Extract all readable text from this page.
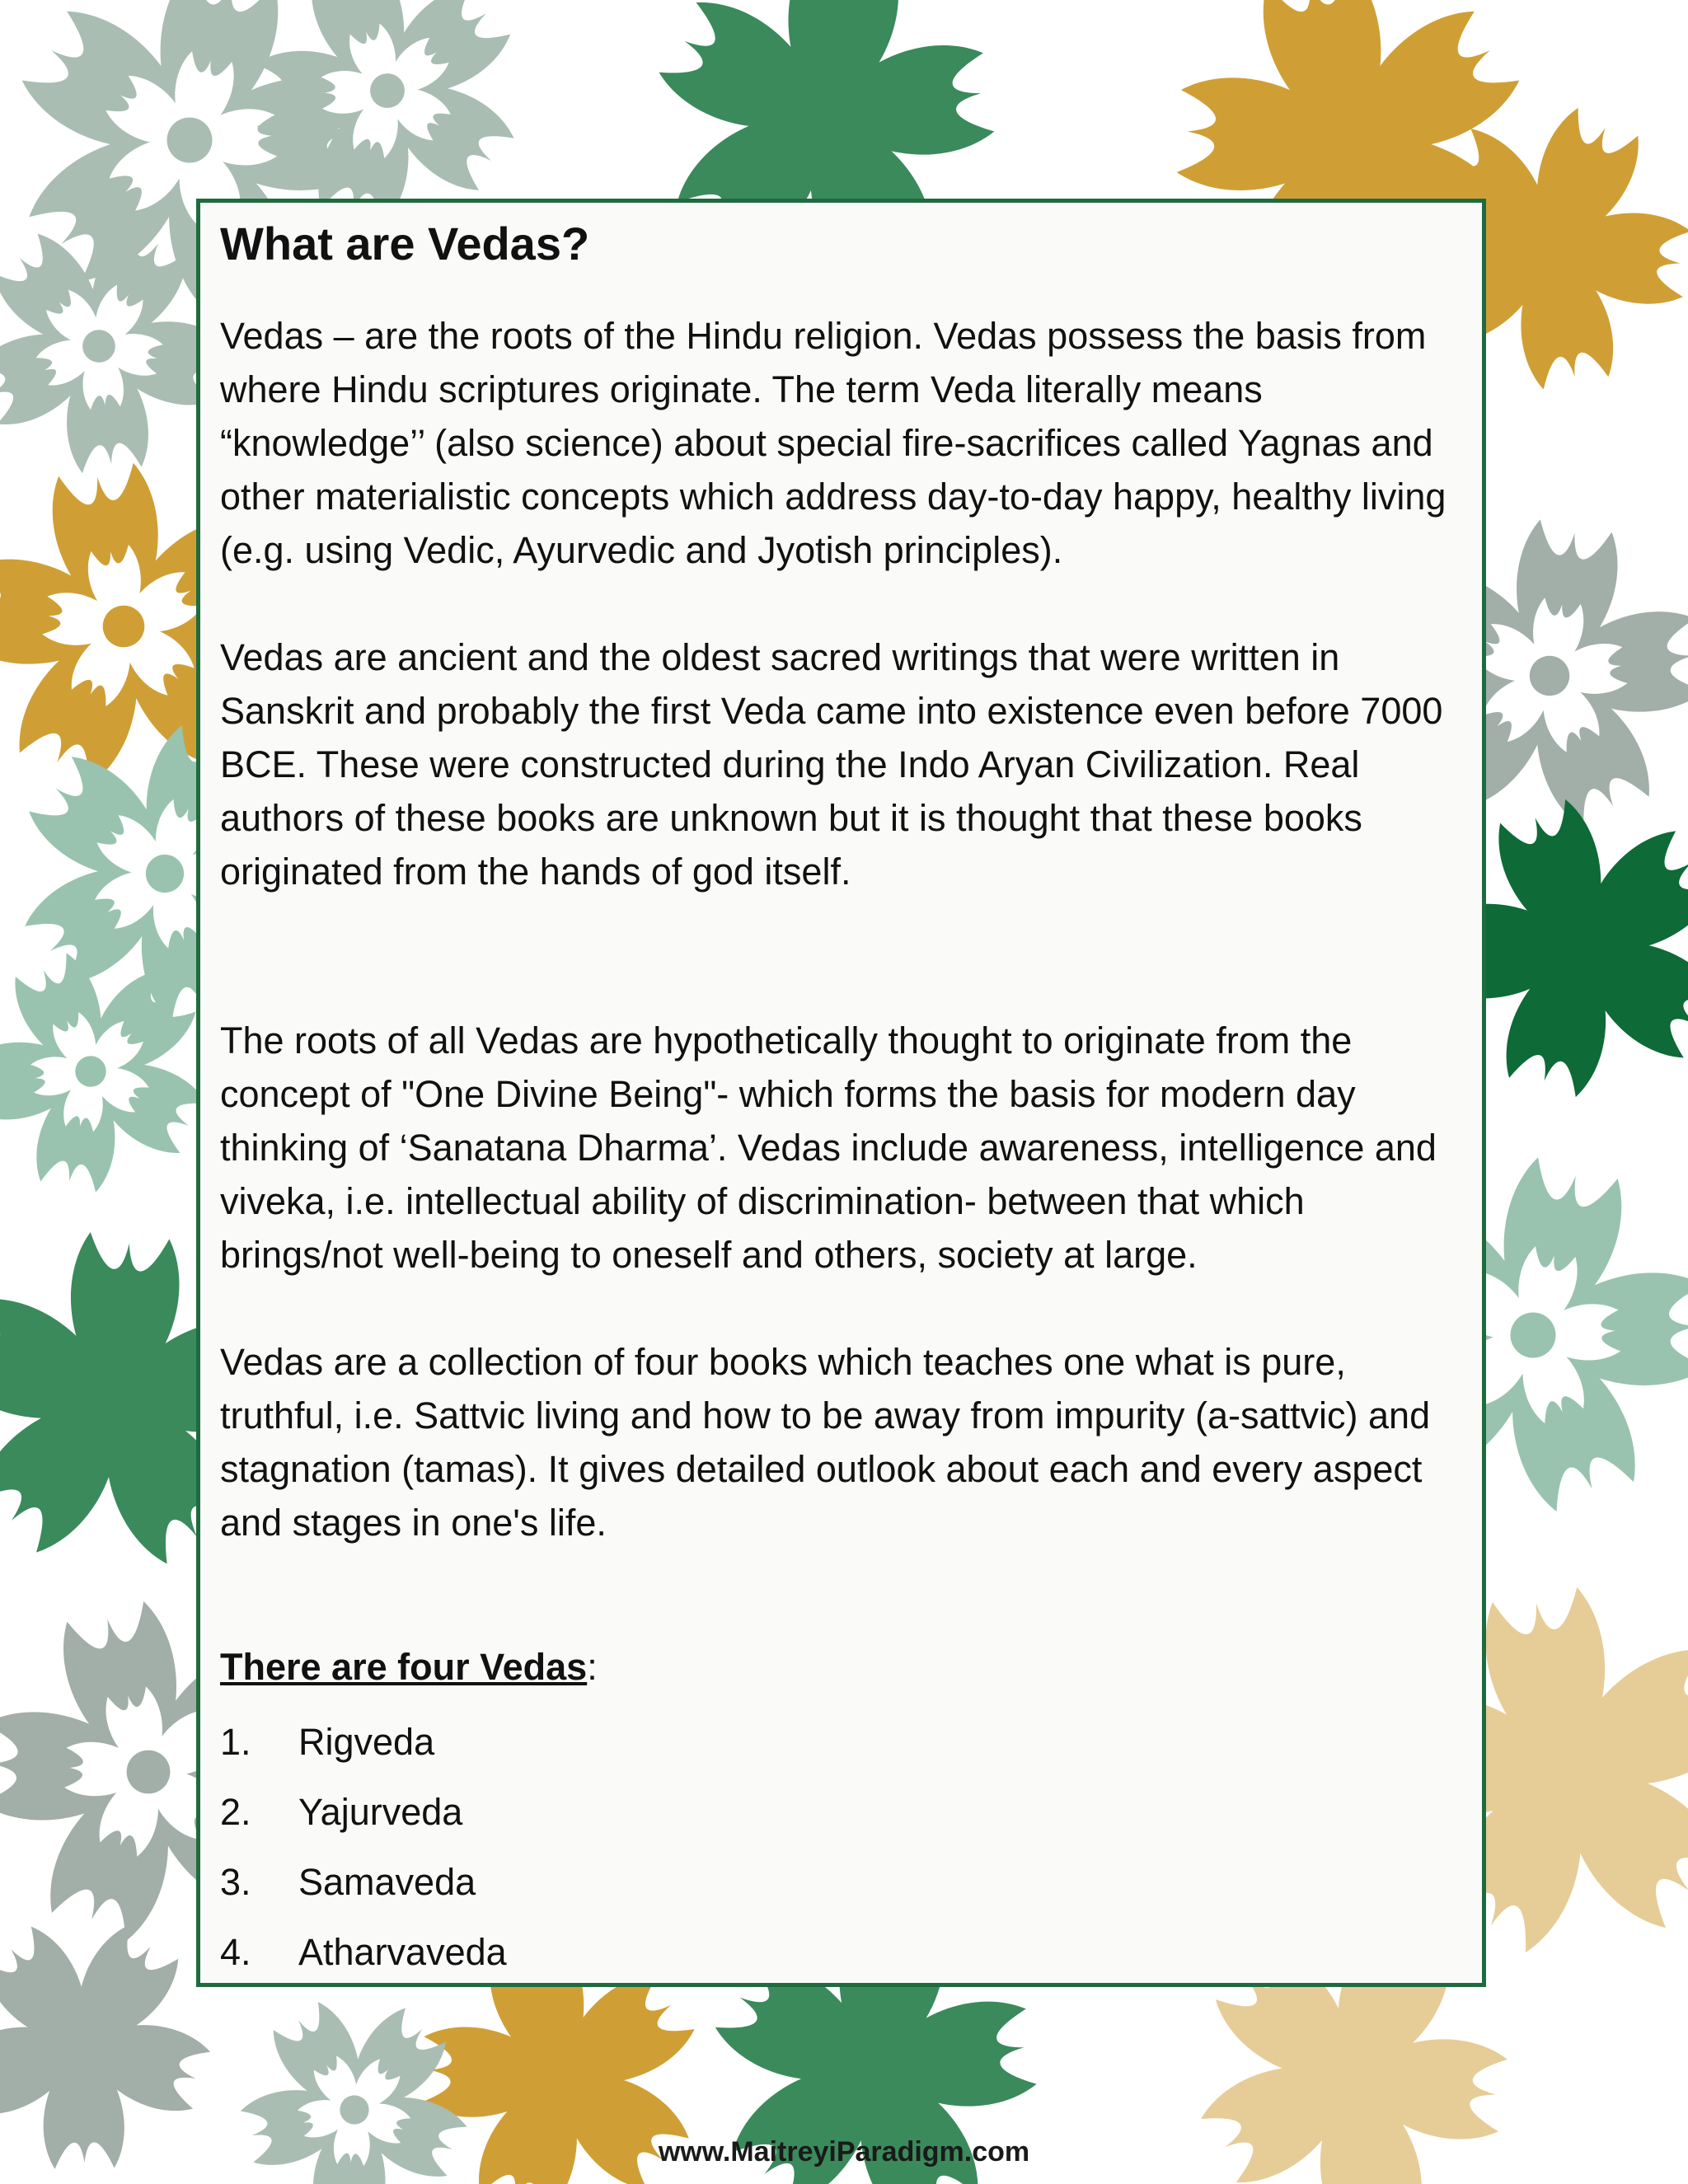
What are Vedas?

Vedas – are the roots of the Hindu religion. Vedas possess the basis from where Hindu scriptures originate. The term Veda literally means “knowledge’’ (also science) about special fire-sacrifices called Yagnas and other materialistic concepts which address day-to-day happy, healthy living (e.g. using Vedic, Ayurvedic and Jyotish principles).

Vedas are ancient and the oldest sacred writings that were written in Sanskrit and probably the first Veda came into existence even before 7000 BCE. These were constructed during the Indo Aryan Civilization. Real authors of these books are unknown but it is thought that these books originated from the hands of god itself.

The roots of all Vedas are hypothetically thought to originate from the concept of "One Divine Being"- which forms the basis for modern day thinking of ‘Sanatana Dharma’. Vedas include awareness, intelligence and viveka, i.e. intellectual ability of discrimination- between that which brings/not well-being to oneself and others, society at large.

Vedas are a collection of four books which teaches one what is pure, truthful, i.e. Sattvic living and how to be away from impurity (a-sattvic) and stagnation (tamas). It gives detailed outlook about each and every aspect and stages in one's life.

There are four Vedas:

1.	Rigveda
2.	Yajurveda
3.	Samaveda
4.	Atharvaveda

www.MaitreyiParadigm.com
